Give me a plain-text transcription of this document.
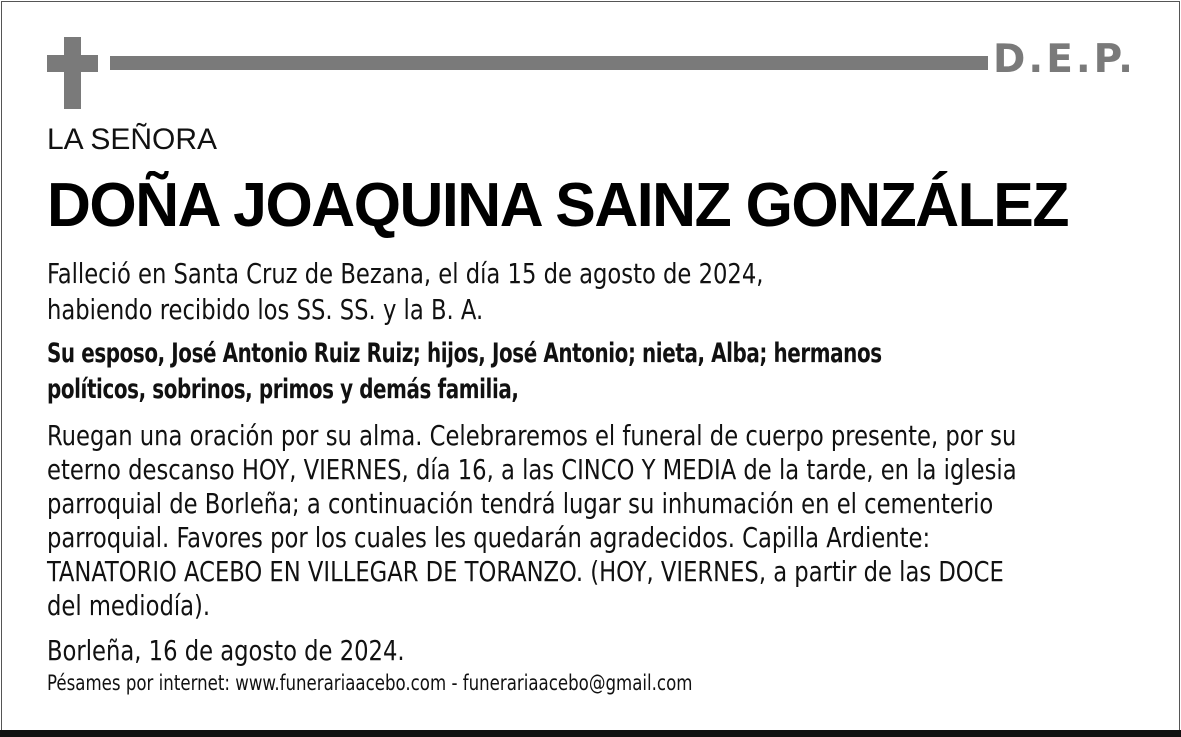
D.E.P.
LA SEÑORA
DOÑA JOAQUINA SAINZ GONZÁLEZ
Falleció en Santa Cruz de Bezana, el día 15 de agosto de 2024,
habiendo recibido los SS. SS. y la B. A.
Su esposo, José Antonio Ruiz Ruiz; hijos, José Antonio; nieta, Alba; hermanos
políticos, sobrinos, primos y demás familia,
Ruegan una oración por su alma. Celebraremos el funeral de cuerpo presente, por su
eterno descanso HOY, VIERNES, día 16, a las CINCO Y MEDIA de la tarde, en la iglesia
parroquial de Borleña; a continuación tendrá lugar su inhumación en el cementerio
parroquial. Favores por los cuales les quedarán agradecidos. Capilla Ardiente:
TANATORIO ACEBO EN VILLEGAR DE TORANZO. (HOY, VIERNES, a partir de las DOCE
del mediodía).
Borleña, 16 de agosto de 2024.
Pésames por internet: www.funerariaacebo.com - funerariaacebo@gmail.com
